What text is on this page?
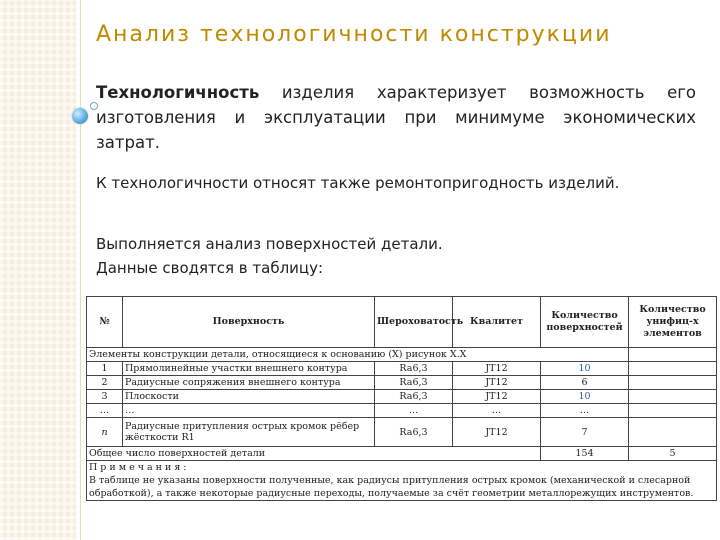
Анализ технологичности конструкции
Технологичность изделия характеризует возможность его изготовления и эксплуатации при минимуме экономических затрат.
К технологичности относят также ремонтопригодность изделий.
Выполняется анализ поверхностей детали.
Данные сводятся в таблицу:
№	Поверхность	Шероховатость	Квалитет	Количество поверхностей	Количество унифиц-х элементов
Элементы конструкции детали, относящиеся к основанию (X) рисунок X.X					
1	Прямолинейные участки внешнего контура	Ra6,3	JT12	10	
2	Радиусные сопряжения внешнего контура	Ra6,3	JT12	6	
3	Плоскости	Ra6,3	JT12	10	
…	…	…	…	…	
n	Радиусные притупления острых кромок рёбер жёсткости R1	Ra6,3	JT12	7	
Общее число поверхностей детали				154	5

Примечания:
В таблице не указаны поверхности полученные, как радиусы притупления острых кромок (механической и слесарной обработкой), а также некоторые радиусные переходы, получаемые за счёт геометрии металлорежущих инструментов.					
